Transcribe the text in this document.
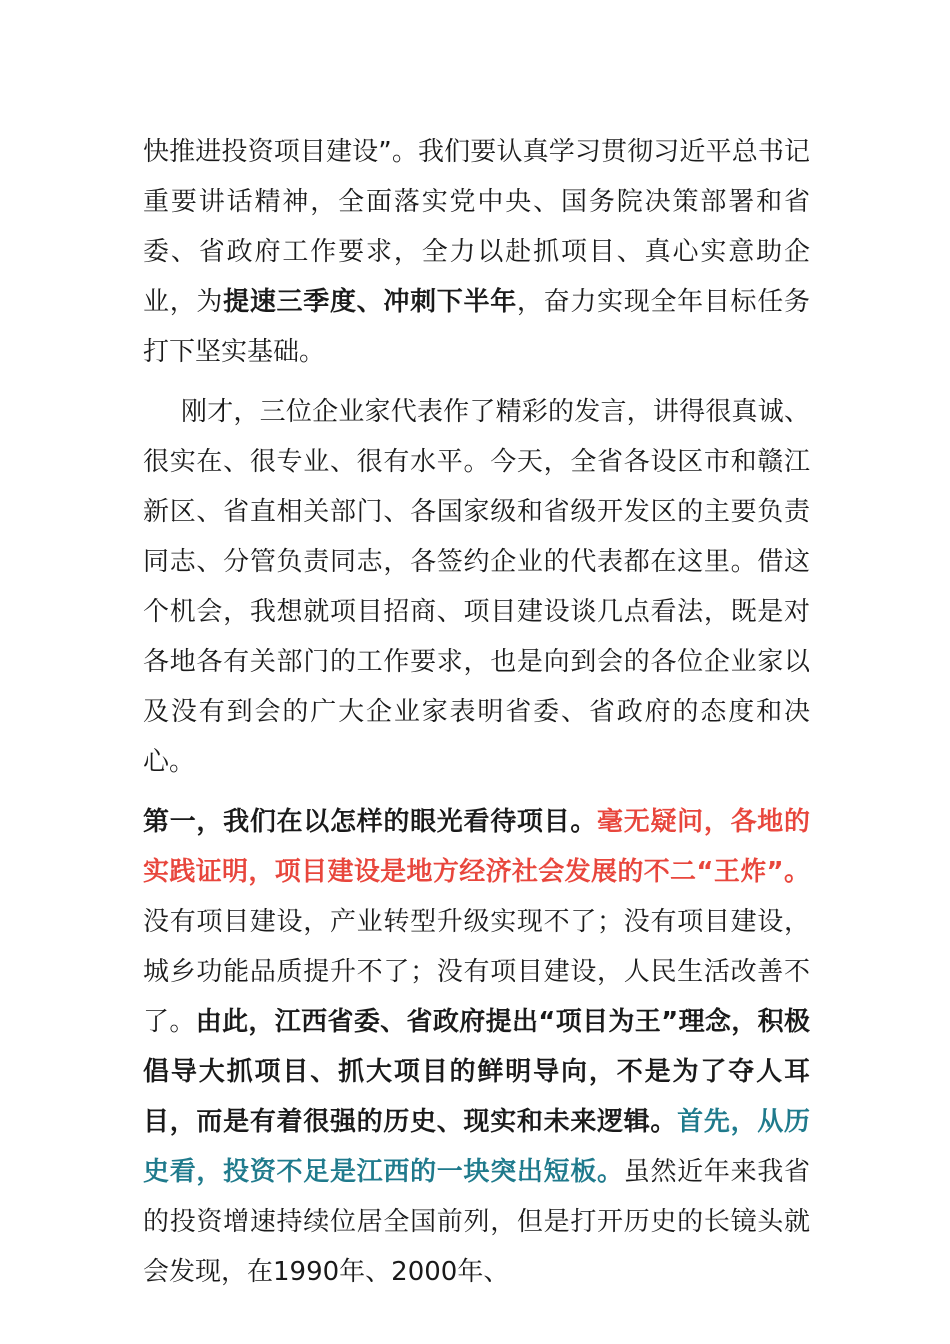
快推进投资项目建设”。我们要认真学习贯彻习近平总书记重要讲话精神，全面落实党中央、国务院决策部署和省委、省政府工作要求，全力以赴抓项目、真心实意助企业，为提速三季度、冲刺下半年，奋力实现全年目标任务打下坚实基础。

刚才，三位企业家代表作了精彩的发言，讲得很真诚、很实在、很专业、很有水平。今天，全省各设区市和赣江新区、省直相关部门、各国家级和省级开发区的主要负责同志、分管负责同志，各签约企业的代表都在这里。借这个机会，我想就项目招商、项目建设谈几点看法，既是对各地各有关部门的工作要求，也是向到会的各位企业家以及没有到会的广大企业家表明省委、省政府的态度和决心。

第一，我们在以怎样的眼光看待项目。毫无疑问，各地的实践证明，项目建设是地方经济社会发展的不二“王炸”。没有项目建设，产业转型升级实现不了；没有项目建设，城乡功能品质提升不了；没有项目建设，人民生活改善不了。由此，江西省委、省政府提出“项目为王”理念，积极倡导大抓项目、抓大项目的鲜明导向，不是为了夺人耳目，而是有着很强的历史、现实和未来逻辑。首先，从历史看，投资不足是江西的一块突出短板。虽然近年来我省的投资增速持续位居全国前列，但是打开历史的长镜头就会发现，在1990年、2000年、
